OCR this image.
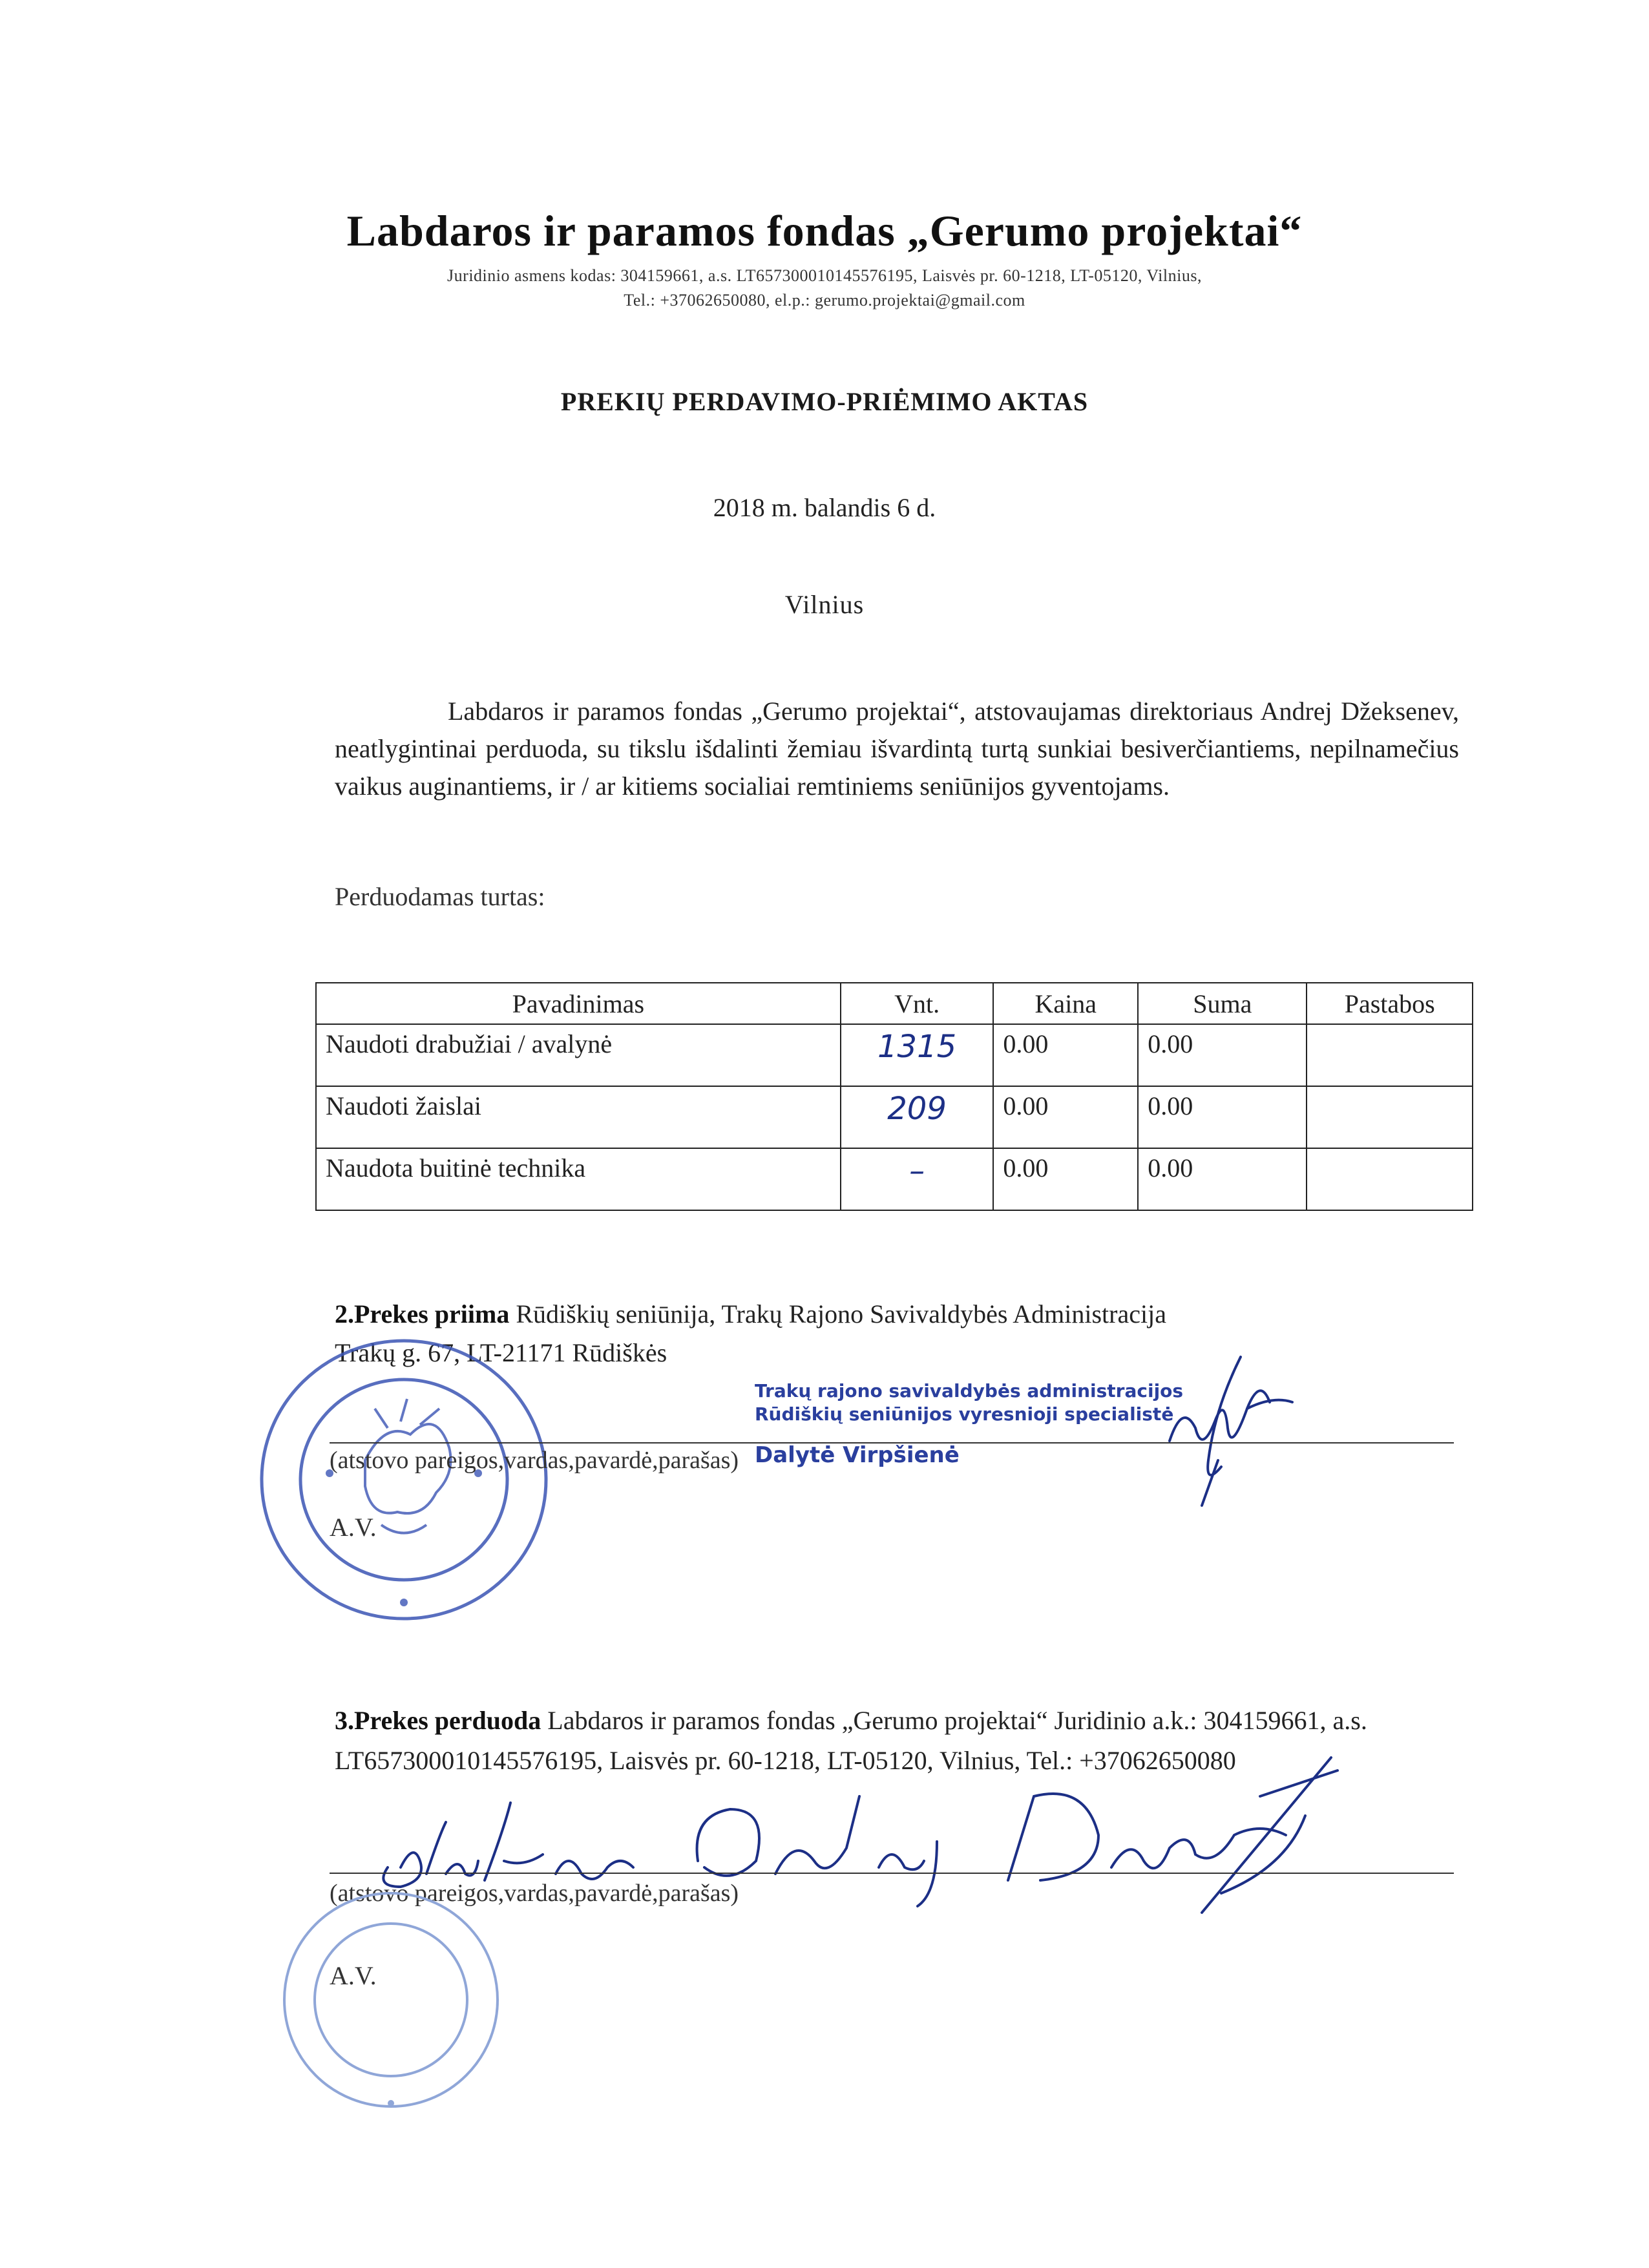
Labdaros ir paramos fondas „Gerumo projektai“
Juridinio asmens kodas: 304159661, a.s. LT657300010145576195, Laisvės pr. 60-1218, LT-05120, Vilnius,
Tel.: +37062650080, el.p.: gerumo.projektai@gmail.com
PREKIŲ PERDAVIMO-PRIĖMIMO AKTAS
2018 m. balandis 6 d.
Vilnius

Labdaros ir paramos fondas „Gerumo projektai“, atstovaujamas direktoriaus Andrej Džeksenev, neatlygintinai perduoda, su tikslu išdalinti žemiau išvardintą turtą sunkiai besiverčiantiems, nepilnamečius vaikus auginantiems, ir / ar kitiems socialiai remtiniems seniūnijos gyventojams.

Perduodamas turtas:
Pavadinimas	Vnt.	Kaina	Suma	Pastabos
Naudoti drabužiai / avalynė	1315	0.00	0.00	
Naudoti žaislai	209	0.00	0.00	
Naudota buitinė technika	–	0.00	0.00	
2.Prekes priima Rūdiškių seniūnija, Trakų Rajono Savivaldybės Administracija
Trakų g. 67, LT-21171 Rūdiškės
Trakų rajono savivaldybės administracijos
Rūdiškių seniūnijos vyresnioji specialistė
Dalytė Virpšienė
(atstovo pareigos,vardas,pavardė,parašas)
A.V.
3.Prekes perduoda Labdaros ir paramos fondas „Gerumo projektai“ Juridinio a.k.: 304159661, a.s. LT657300010145576195, Laisvės pr. 60-1218, LT-05120, Vilnius, Tel.: +37062650080
(atstovo pareigos,vardas,pavardė,parašas)
A.V.
